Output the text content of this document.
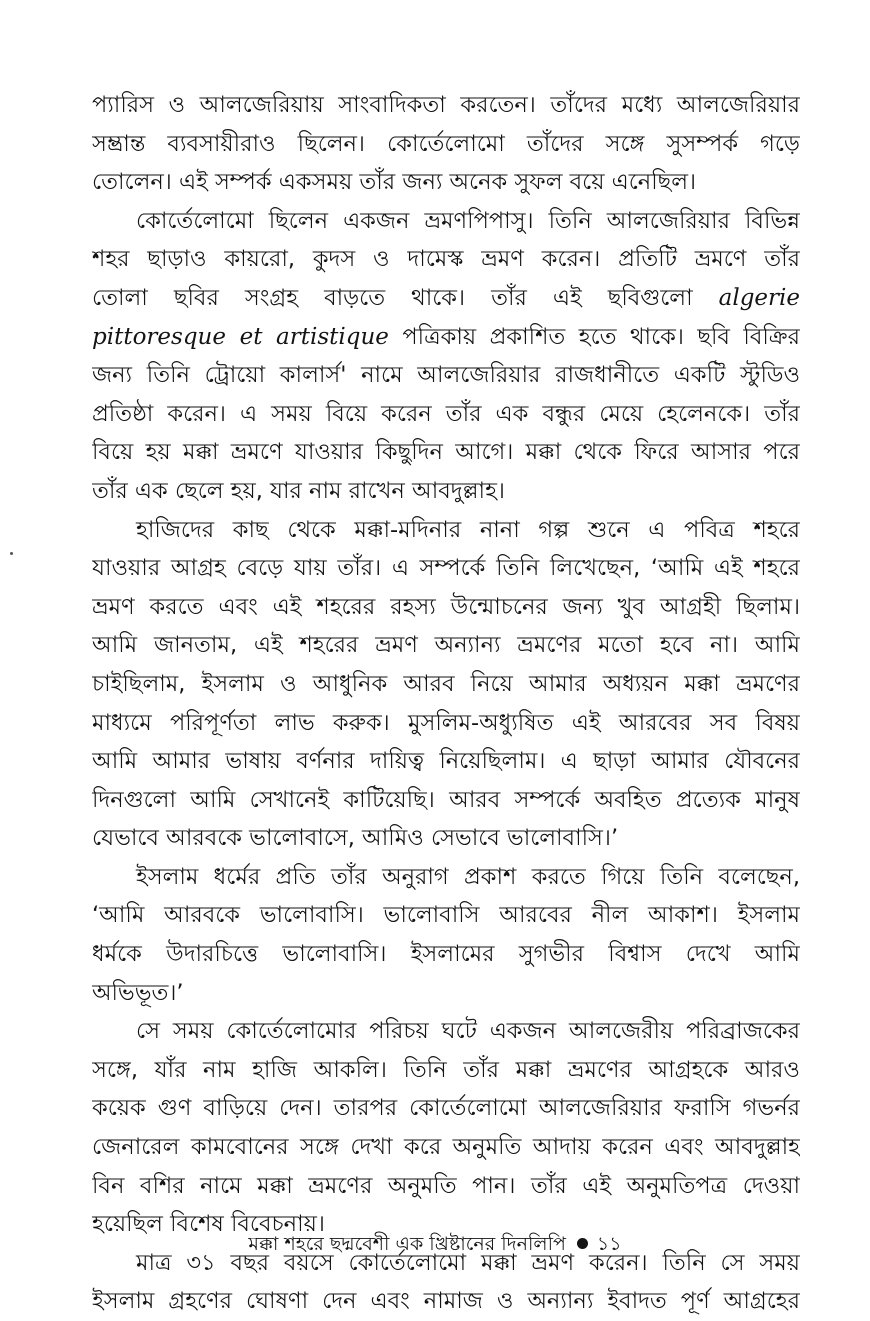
প্যারিস ও আলজেরিয়ায় সাংবাদিকতা করতেন। তাঁদের মধ্যে আলজেরিয়ার
সম্ভ্রান্ত ব্যবসায়ীরাও ছিলেন। কোর্তেলোমো তাঁদের সঙ্গে সুসম্পর্ক গড়ে
তোলেন। এই সম্পর্ক একসময় তাঁর জন্য অনেক সুফল বয়ে এনেছিল।
কোর্তেলোমো ছিলেন একজন ভ্রমণপিপাসু। তিনি আলজেরিয়ার বিভিন্ন
শহর ছাড়াও কায়রো, কুদস ও দামেস্ক ভ্রমণ করেন। প্রতিটি ভ্রমণে তাঁর
তোলা ছবির সংগ্রহ বাড়তে থাকে। তাঁর এই ছবিগুলো algerie
pittoresque et artistique পত্রিকায় প্রকাশিত হতে থাকে। ছবি বিক্রির
জন্য তিনি ট্রোয়ো কালার্স' নামে আলজেরিয়ার রাজধানীতে একটি স্টুডিও
প্রতিষ্ঠা করেন। এ সময় বিয়ে করেন তাঁর এক বন্ধুর মেয়ে হেলেনকে। তাঁর
বিয়ে হয় মক্কা ভ্রমণে যাওয়ার কিছুদিন আগে। মক্কা থেকে ফিরে আসার পরে
তাঁর এক ছেলে হয়, যার নাম রাখেন আবদুল্লাহ।
হাজিদের কাছ থেকে মক্কা-মদিনার নানা গল্প শুনে এ পবিত্র শহরে
যাওয়ার আগ্রহ বেড়ে যায় তাঁর। এ সম্পর্কে তিনি লিখেছেন, ‘আমি এই শহরে
ভ্রমণ করতে এবং এই শহরের রহস্য উন্মোচনের জন্য খুব আগ্রহী ছিলাম।
আমি জানতাম, এই শহরের ভ্রমণ অন্যান্য ভ্রমণের মতো হবে না। আমি
চাইছিলাম, ইসলাম ও আধুনিক আরব নিয়ে আমার অধ্যয়ন মক্কা ভ্রমণের
মাধ্যমে পরিপূর্ণতা লাভ করুক। মুসলিম-অধ্যুষিত এই আরবের সব বিষয়
আমি আমার ভাষায় বর্ণনার দায়িত্ব নিয়েছিলাম। এ ছাড়া আমার যৌবনের
দিনগুলো আমি সেখানেই কাটিয়েছি। আরব সম্পর্কে অবহিত প্রত্যেক মানুষ
যেভাবে আরবকে ভালোবাসে, আমিও সেভাবে ভালোবাসি।’
ইসলাম ধর্মের প্রতি তাঁর অনুরাগ প্রকাশ করতে গিয়ে তিনি বলেছেন,
‘আমি আরবকে ভালোবাসি। ভালোবাসি আরবের নীল আকাশ। ইসলাম
ধর্মকে উদারচিত্তে ভালোবাসি। ইসলামের সুগভীর বিশ্বাস দেখে আমি
অভিভূত।’
সে সময় কোর্তেলোমোর পরিচয় ঘটে একজন আলজেরীয় পরিব্রাজকের
সঙ্গে, যাঁর নাম হাজি আকলি। তিনি তাঁর মক্কা ভ্রমণের আগ্রহকে আরও
কয়েক গুণ বাড়িয়ে দেন। তারপর কোর্তেলোমো আলজেরিয়ার ফরাসি গভর্নর
জেনারেল কামবোনের সঙ্গে দেখা করে অনুমতি আদায় করেন এবং আবদুল্লাহ
বিন বশির নামে মক্কা ভ্রমণের অনুমতি পান। তাঁর এই অনুমতিপত্র দেওয়া
হয়েছিল বিশেষ বিবেচনায়।
মাত্র ৩১ বছর বয়সে কোর্তেলোমো মক্কা ভ্রমণ করেন। তিনি সে সময়
ইসলাম গ্রহণের ঘোষণা দেন এবং নামাজ ও অন্যান্য ইবাদত পূর্ণ আগ্রহের
মক্কা শহরে ছদ্মবেশী এক খ্রিষ্টানের দিনলিপি ১১
